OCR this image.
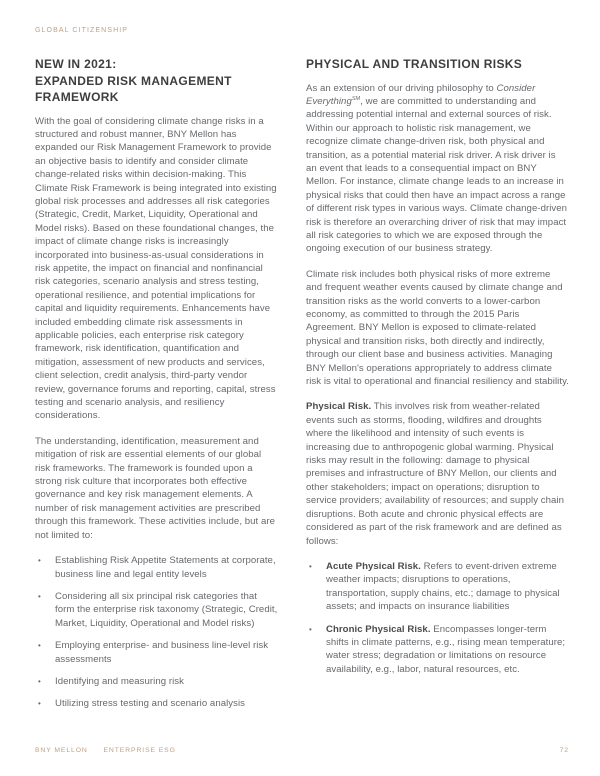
GLOBAL CITIZENSHIP
NEW IN 2021:
EXPANDED RISK MANAGEMENT
FRAMEWORK

With the goal of considering climate change risks in a structured and robust manner, BNY Mellon has expanded our Risk Management Framework to provide an objective basis to identify and consider climate change-related risks within decision-making. This Climate Risk Framework is being integrated into existing global risk processes and addresses all risk categories (Strategic, Credit, Market, Liquidity, Operational and Model risks). Based on these foundational changes, the impact of climate change risks is increasingly incorporated into business-as-usual considerations in risk appetite, the impact on financial and nonfinancial risk categories, scenario analysis and stress testing, operational resilience, and potential implications for capital and liquidity requirements. Enhancements have included embedding climate risk assessments in applicable policies, each enterprise risk category framework, risk identification, quantification and mitigation, assessment of new products and services, client selection, credit analysis, third-party vendor review, governance forums and reporting, capital, stress testing and scenario analysis, and resiliency considerations.

The understanding, identification, measurement and mitigation of risk are essential elements of our global risk frameworks. The framework is founded upon a strong risk culture that incorporates both effective governance and key risk management elements. A number of risk management activities are prescribed through this framework. These activities include, but are not limited to:

• Establishing Risk Appetite Statements at corporate, business line and legal entity levels
• Considering all six principal risk categories that form the enterprise risk taxonomy (Strategic, Credit, Market, Liquidity, Operational and Model risks)
• Employing enterprise- and business line-level risk assessments
• Identifying and measuring risk
• Utilizing stress testing and scenario analysis
PHYSICAL AND TRANSITION RISKS

As an extension of our driving philosophy to Consider Everything℠, we are committed to understanding and addressing potential internal and external sources of risk. Within our approach to holistic risk management, we recognize climate change-driven risk, both physical and transition, as a potential material risk driver. A risk driver is an event that leads to a consequential impact on BNY Mellon. For instance, climate change leads to an increase in physical risks that could then have an impact across a range of different risk types in various ways. Climate change-driven risk is therefore an overarching driver of risk that may impact all risk categories to which we are exposed through the ongoing execution of our business strategy.

Climate risk includes both physical risks of more extreme and frequent weather events caused by climate change and transition risks as the world converts to a lower-carbon economy, as committed to through the 2015 Paris Agreement. BNY Mellon is exposed to climate-related physical and transition risks, both directly and indirectly, through our client base and business activities. Managing BNY Mellon's operations appropriately to address climate risk is vital to operational and financial resiliency and stability.

Physical Risk. This involves risk from weather-related events such as storms, flooding, wildfires and droughts where the likelihood and intensity of such events is increasing due to anthropogenic global warming. Physical risks may result in the following: damage to physical premises and infrastructure of BNY Mellon, our clients and other stakeholders; impact on operations; disruption to service providers; availability of resources; and supply chain disruptions. Both acute and chronic physical effects are considered as part of the risk framework and are defined as follows:

• Acute Physical Risk. Refers to event-driven extreme weather impacts; disruptions to operations, transportation, supply chains, etc.; damage to physical assets; and impacts on insurance liabilities
• Chronic Physical Risk. Encompasses longer-term shifts in climate patterns, e.g., rising mean temperature; water stress; degradation or limitations on resource availability, e.g., labor, natural resources, etc.
BNY MELLON ENTERPRISE ESG	72
